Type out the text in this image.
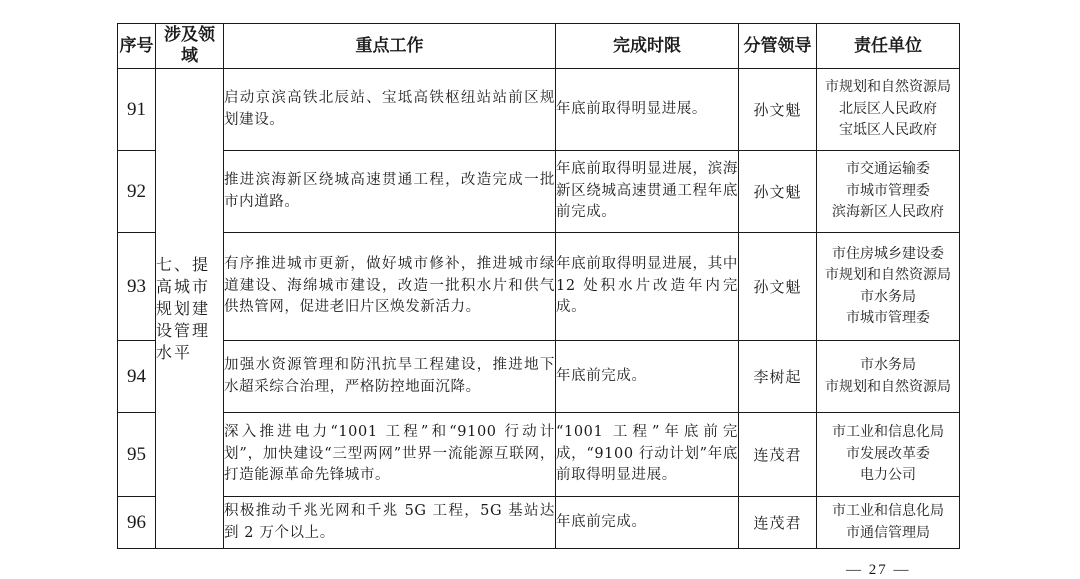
序号	涉及领域	重点工作	完成时限	分管领导	责任单位
91	七、提高城市规划建设管理水平	启动京滨高铁北辰站、宝坻高铁枢纽站站前区规划建设。	年底前取得明显进展。	孙文魁	市规划和自然资源局
北辰区人民政府
宝坻区人民政府

92		推进滨海新区绕城高速贯通工程，改造完成一批市内道路。	年底前取得明显进展，滨海新区绕城高速贯通工程年底前完成。	孙文魁	市交通运输委
市城市管理委
滨海新区人民政府

93		有序推进城市更新，做好城市修补，推进城市绿道建设、海绵城市建设，改造一批积水片和供气供热管网，促进老旧片区焕发新活力。	年底前取得明显进展，其中 12 处积水片改造年内完成。	孙文魁	市住房城乡建设委
市规划和自然资源局
市水务局
市城市管理委

94		加强水资源管理和防汛抗旱工程建设，推进地下水超采综合治理，严格防控地面沉降。	年底前完成。	李树起	市水务局
市规划和自然资源局

95		深入推进电力“1001 工程”和“9100 行动计划”，加快建设“三型两网”世界一流能源互联网，打造能源革命先锋城市。	“1001 工程”年底前完成，“9100 行动计划”年底前取得明显进展。	连茂君	市工业和信息化局
市发展改革委
电力公司

96		积极推动千兆光网和千兆 5G 工程，5G 基站达到 2 万个以上。	年底前完成。	连茂君	市工业和信息化局
市通信管理局
— 27 —
